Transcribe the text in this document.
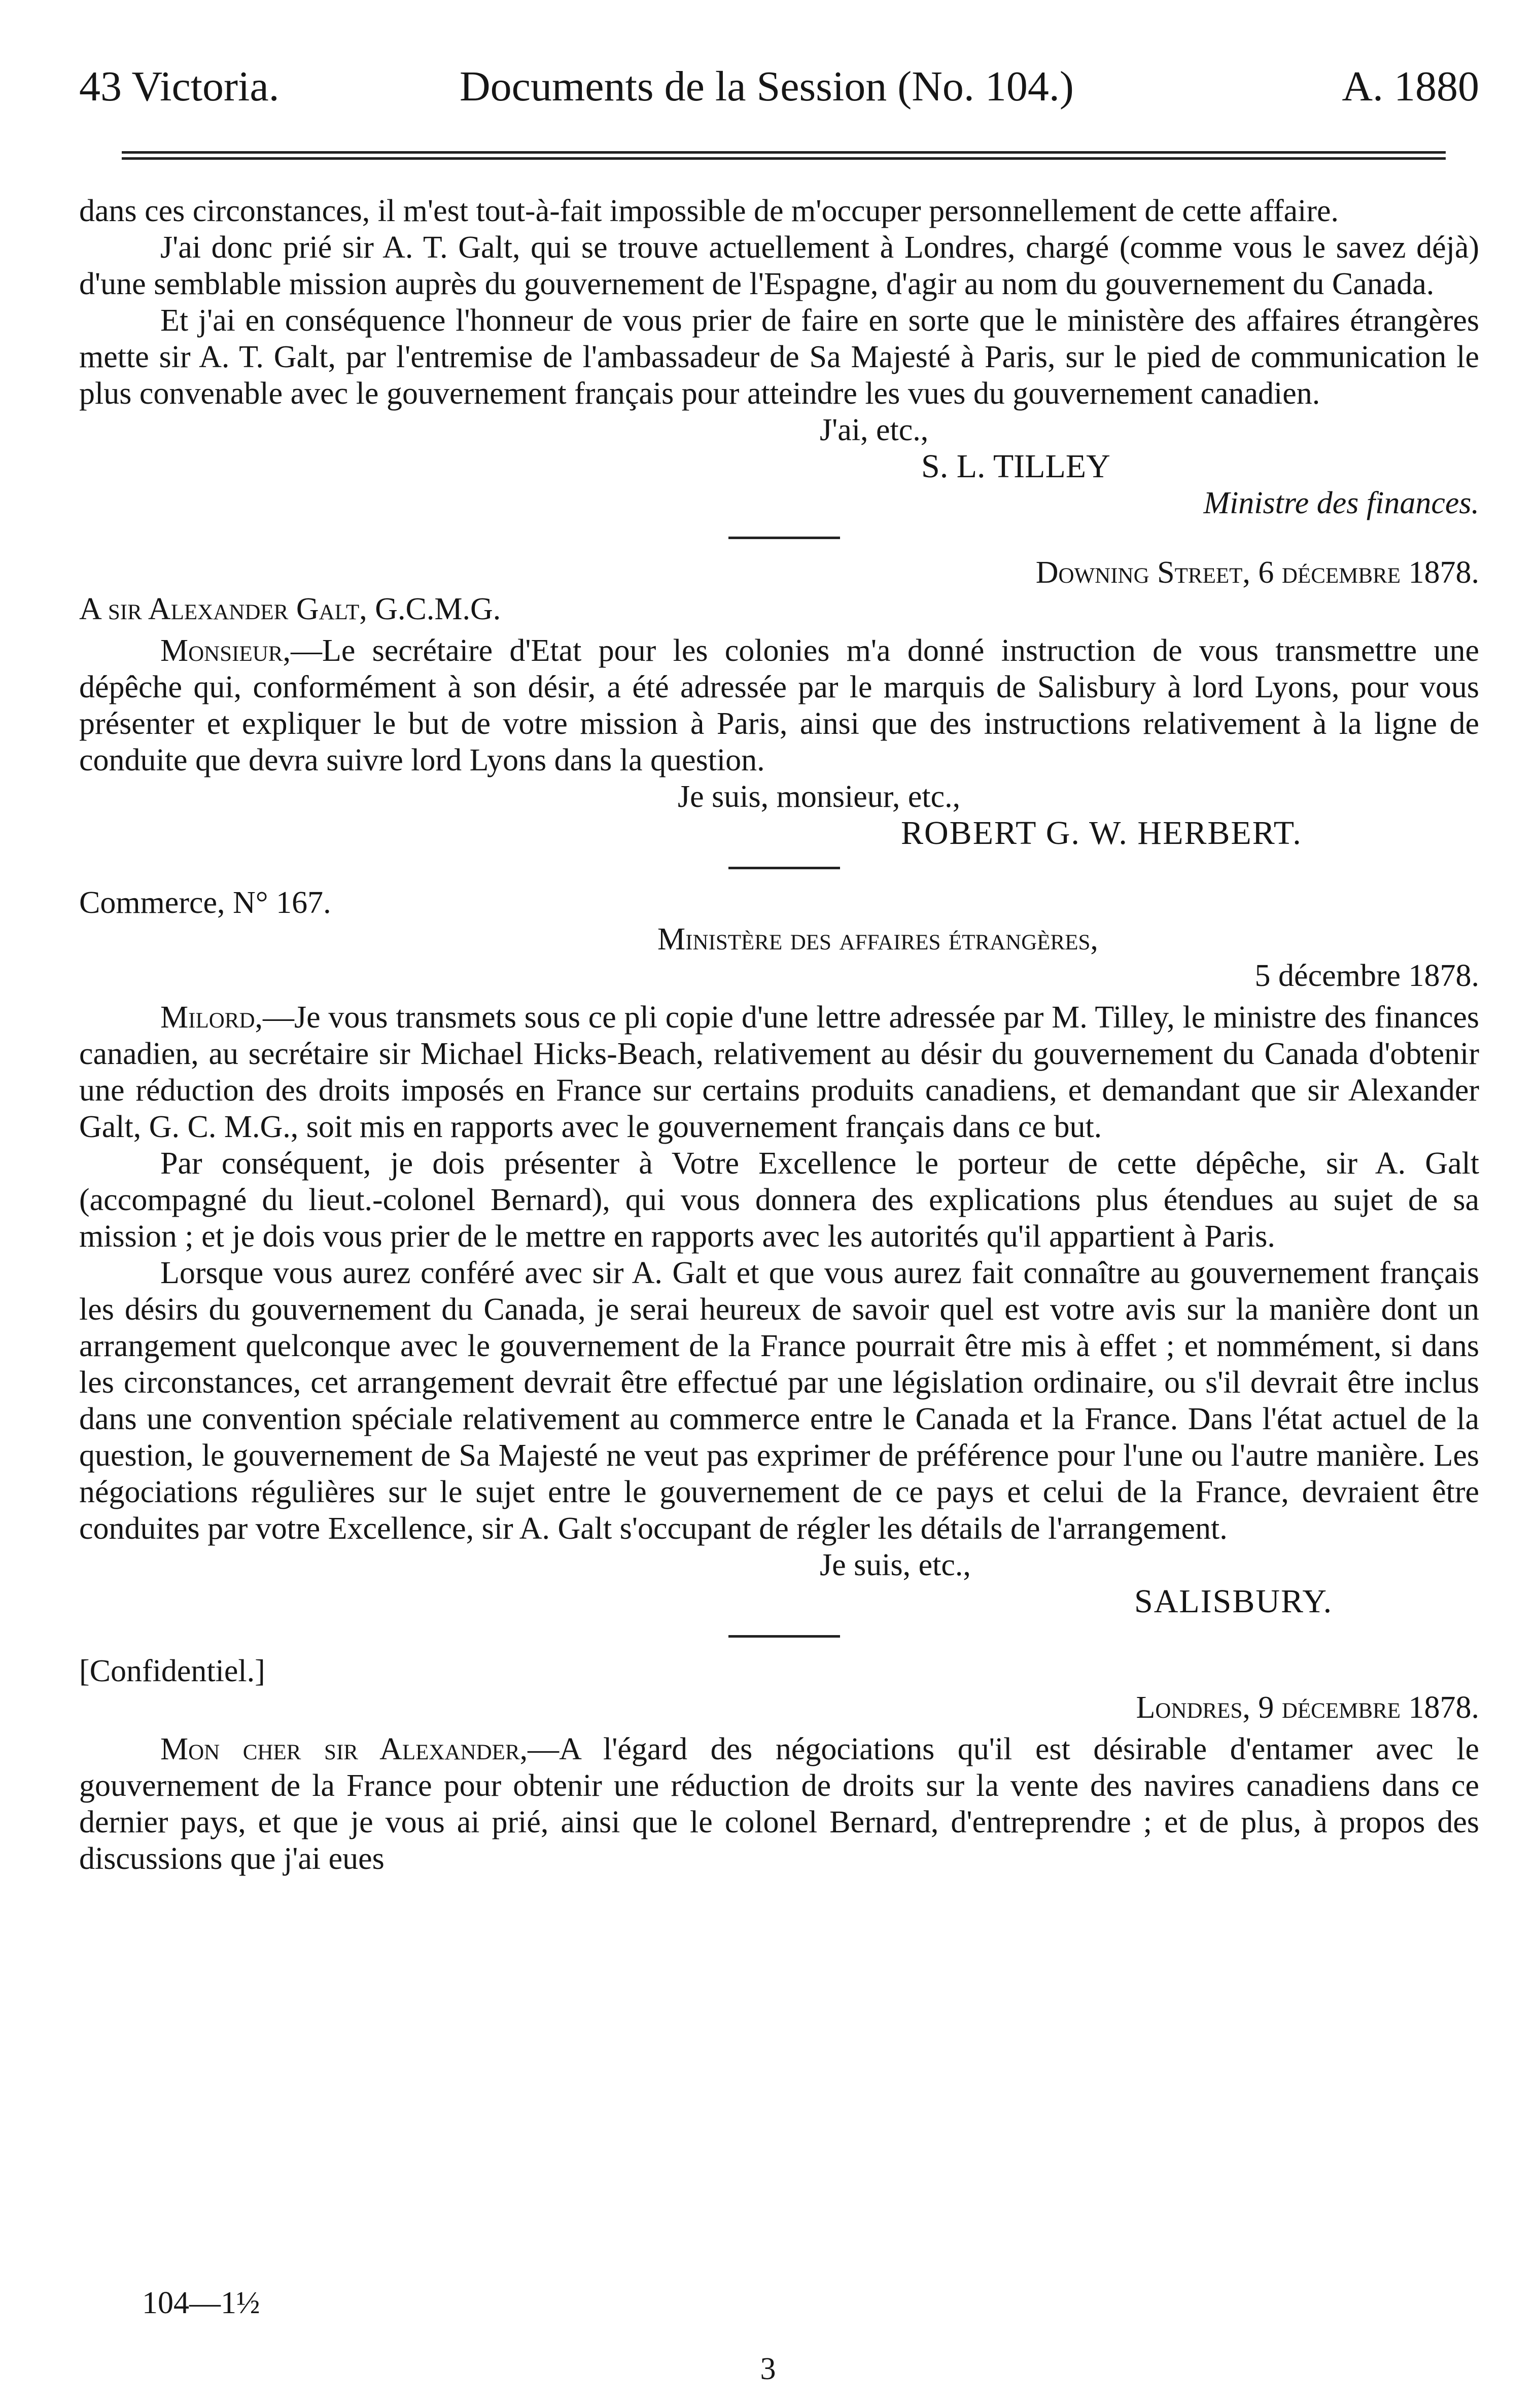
43 Victoria.	Documents de la Session (No. 104.)	A. 1880

dans ces circonstances, il m'est tout-à-fait impossible de m'occuper personnellement de cette affaire.

J'ai donc prié sir A. T. Galt, qui se trouve actuellement à Londres, chargé (comme vous le savez déjà) d'une semblable mission auprès du gouvernement de l'Espagne, d'agir au nom du gouvernement du Canada.

Et j'ai en conséquence l'honneur de vous prier de faire en sorte que le ministère des affaires étrangères mette sir A. T. Galt, par l'entremise de l'ambassadeur de Sa Majesté à Paris, sur le pied de communication le plus convenable avec le gouvernement français pour atteindre les vues du gouvernement canadien.

J'ai, etc.,

S. L. TILLEY

Ministre des finances.

Downing Street, 6 décembre 1878.

A sir Alexander Galt, G.C.M.G.

Monsieur,—Le secrétaire d'Etat pour les colonies m'a donné instruction de vous transmettre une dépêche qui, conformément à son désir, a été adressée par le marquis de Salisbury à lord Lyons, pour vous présenter et expliquer le but de votre mission à Paris, ainsi que des instructions relativement à la ligne de conduite que devra suivre lord Lyons dans la question.

Je suis, monsieur, etc.,

ROBERT G. W. HERBERT.

Commerce, N° 167.

Ministère des affaires étrangères,

5 décembre 1878.

Milord,—Je vous transmets sous ce pli copie d'une lettre adressée par M. Tilley, le ministre des finances canadien, au secrétaire sir Michael Hicks-Beach, relativement au désir du gouvernement du Canada d'obtenir une réduction des droits imposés en France sur certains produits canadiens, et demandant que sir Alexander Galt, G. C. M.G., soit mis en rapports avec le gouvernement français dans ce but.

Par conséquent, je dois présenter à Votre Excellence le porteur de cette dépêche, sir A. Galt (accompagné du lieut.-colonel Bernard), qui vous donnera des explications plus étendues au sujet de sa mission ; et je dois vous prier de le mettre en rapports avec les autorités qu'il appartient à Paris.

Lorsque vous aurez conféré avec sir A. Galt et que vous aurez fait connaître au gouvernement français les désirs du gouvernement du Canada, je serai heureux de savoir quel est votre avis sur la manière dont un arrangement quelconque avec le gouvernement de la France pourrait être mis à effet ; et nommément, si dans les circonstances, cet arrangement devrait être effectué par une législation ordinaire, ou s'il devrait être inclus dans une convention spéciale relativement au commerce entre le Canada et la France. Dans l'état actuel de la question, le gouvernement de Sa Majesté ne veut pas exprimer de préférence pour l'une ou l'autre manière. Les négociations régulières sur le sujet entre le gouvernement de ce pays et celui de la France, devraient être conduites par votre Excellence, sir A. Galt s'occupant de régler les détails de l'arrangement.

Je suis, etc.,

SALISBURY.

[Confidentiel.]

Londres, 9 décembre 1878.

Mon cher sir Alexander,—A l'égard des négociations qu'il est désirable d'entamer avec le gouvernement de la France pour obtenir une réduction de droits sur la vente des navires canadiens dans ce dernier pays, et que je vous ai prié, ainsi que le colonel Bernard, d'entreprendre ; et de plus, à propos des discussions que j'ai eues

104—1½
3
